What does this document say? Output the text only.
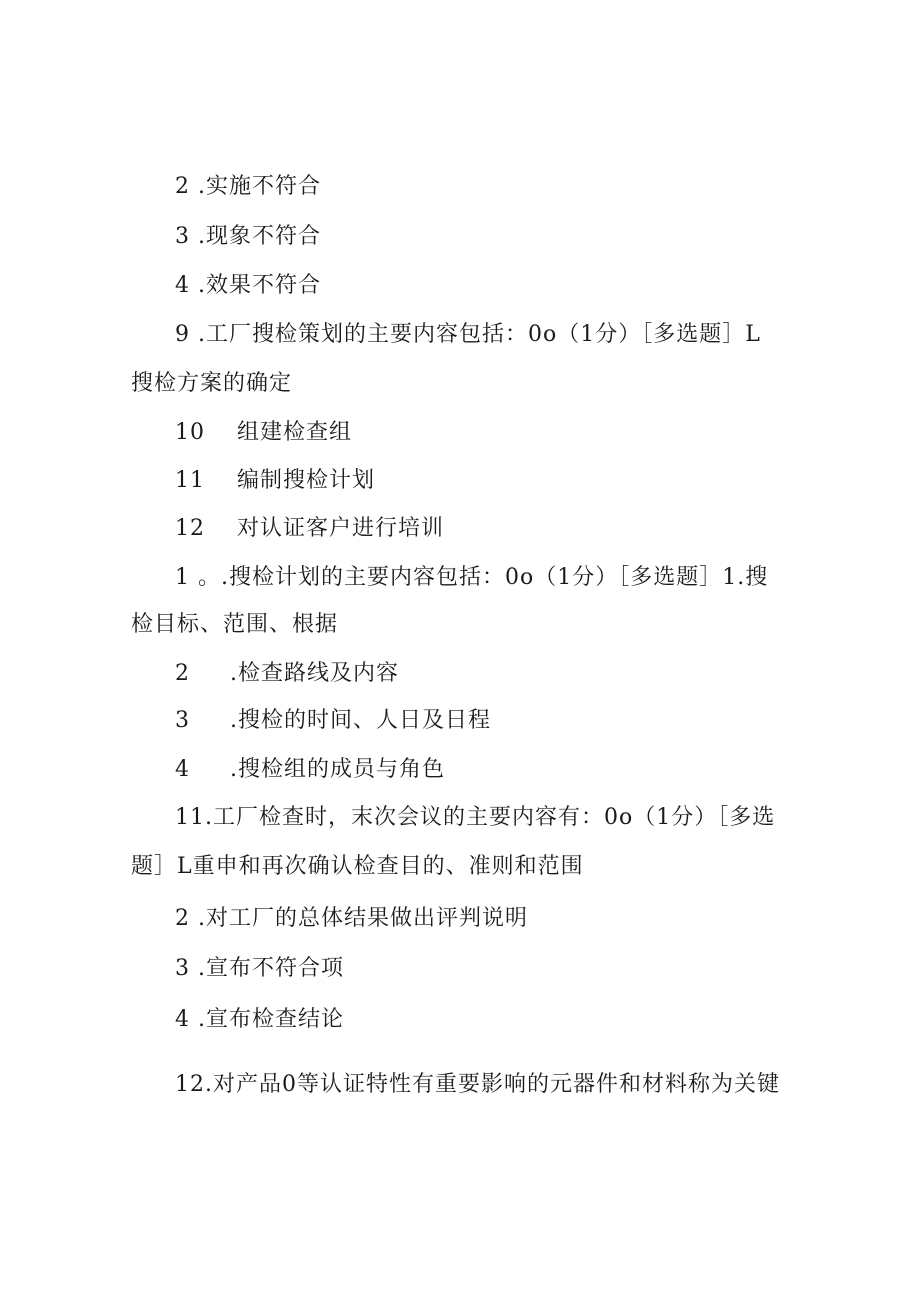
2 .实施不符合
3 .现象不符合
4 .效果不符合
9 .工厂搜检策划的主要内容包括：0o（1分）［多选题］L
搜检方案的确定
10 组建检查组
11 编制搜检计划
12 对认证客户进行培训
1 。.搜检计划的主要内容包括：0o（1分）［多选题］1.搜
检目标、范围、根据
2 .检查路线及内容
3 .搜检的时间、人日及日程
4 .搜检组的成员与角色
11.工厂检查时，末次会议的主要内容有：0o（1分）［多选
题］L重申和再次确认检查目的、准则和范围
2 .对工厂的总体结果做出评判说明
3 .宣布不符合项
4 .宣布检查结论
12.对产品0等认证特性有重要影响的元器件和材料称为关键
